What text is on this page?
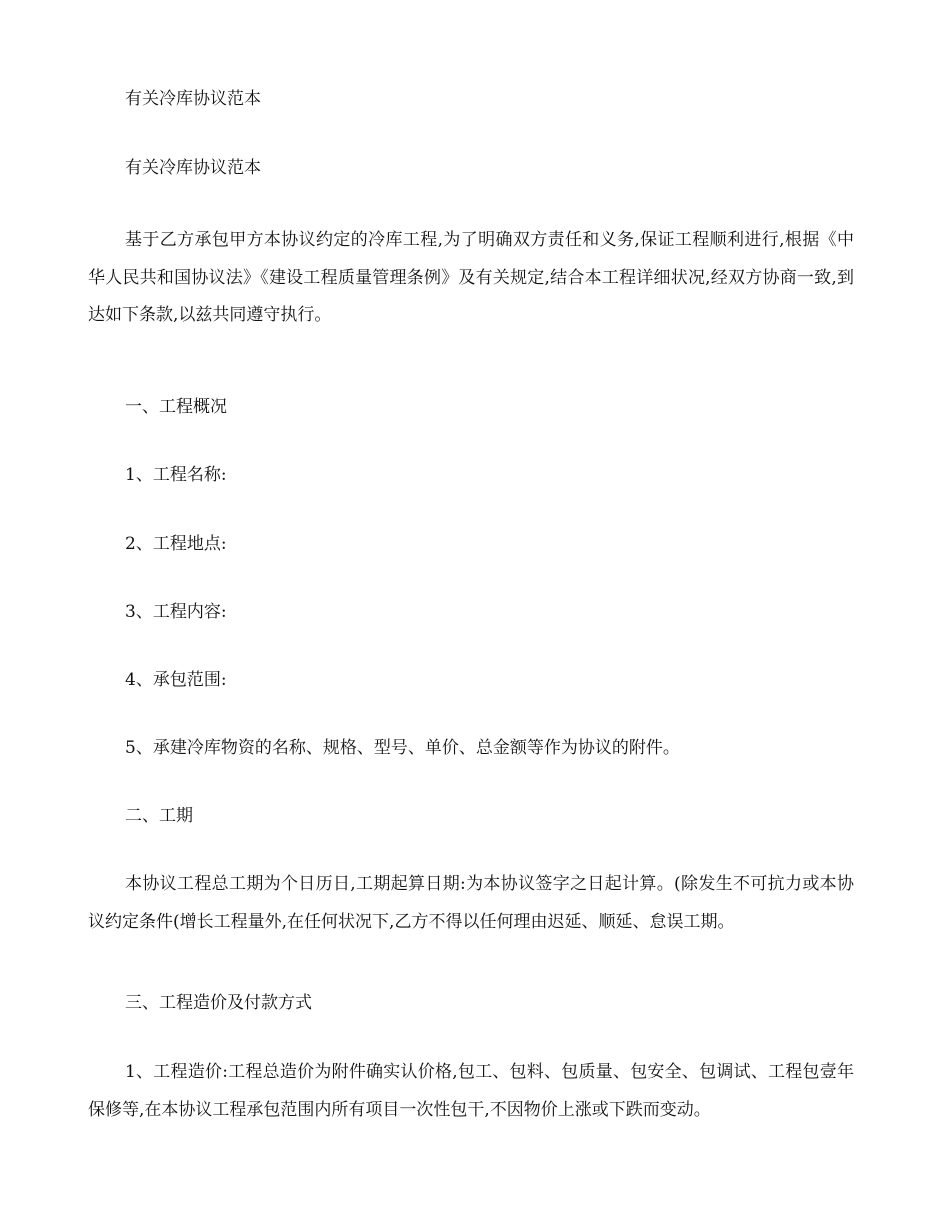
有关冷库协议范本

有关冷库协议范本

基于乙方承包甲方本协议约定的冷库工程,为了明确双方责任和义务,保证工程顺利进行,根据《中华人民共和国协议法》《建设工程质量管理条例》及有关规定,结合本工程详细状况,经双方协商一致,到达如下条款,以兹共同遵守执行。

一、工程概况

1、工程名称:

2、工程地点:

3、工程内容:

4、承包范围:

5、承建冷库物资的名称、规格、型号、单价、总金额等作为协议的附件。

二、工期

本协议工程总工期为个日历日,工期起算日期:为本协议签字之日起计算。(除发生不可抗力或本协议约定条件(增长工程量外,在任何状况下,乙方不得以任何理由迟延、顺延、怠误工期。

三、工程造价及付款方式

1、工程造价:工程总造价为附件确实认价格,包工、包料、包质量、包安全、包调试、工程包壹年保修等,在本协议工程承包范围内所有项目一次性包干,不因物价上涨或下跌而变动。
